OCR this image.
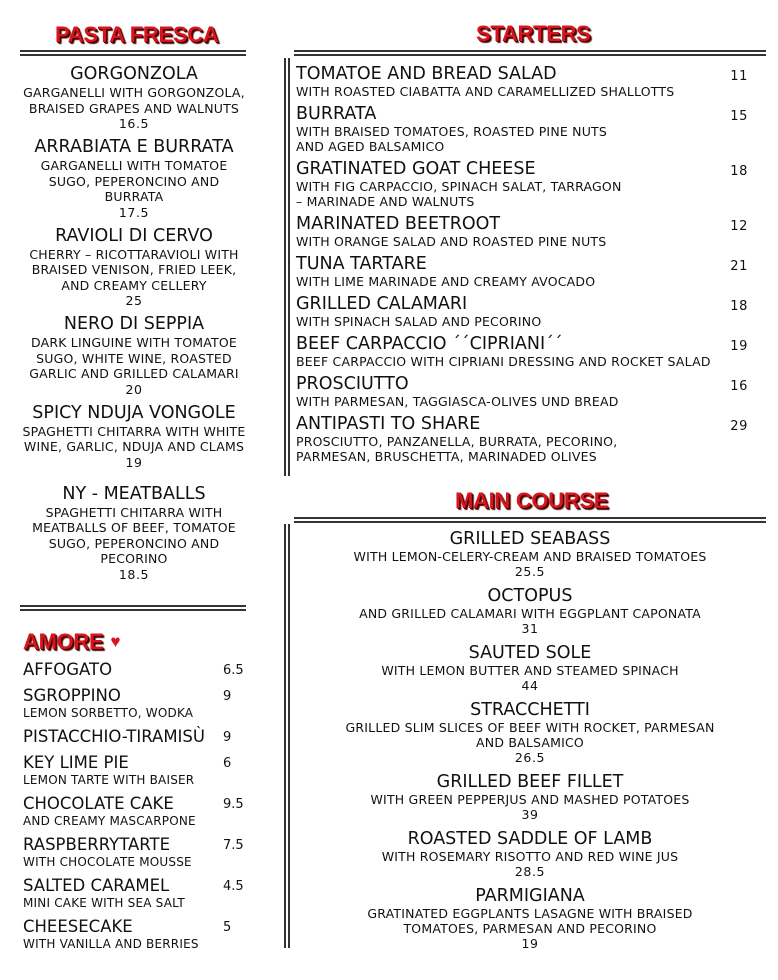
PASTA FRESCA	STARTERS
MAIN COURSE
AMORE ♥
GORGONZOLA
GARGANELLI WITH GORGONZOLA, BRAISED GRAPES AND WALNUTS
16.5
ARRABIATA E BURRATA
GARGANELLI WITH TOMATOE SUGO, PEPERONCINO AND BURRATA
17.5
RAVIOLI DI CERVO
CHERRY – RICOTTARAVIOLI WITH BRAISED VENISON, FRIED LEEK, AND CREAMY CELLERY
25
NERO DI SEPPIA
DARK LINGUINE WITH TOMATOE SUGO, WHITE WINE, ROASTED GARLIC AND GRILLED CALAMARI
20
SPICY NDUJA VONGOLE
SPAGHETTI CHITARRA WITH WHITE WINE, GARLIC, NDUJA AND CLAMS
19
NY - MEATBALLS
SPAGHETTI CHITARRA WITH MEATBALLS OF BEEF, TOMATOE SUGO, PEPERONCINO AND PECORINO
18.5
AFFOGATO	6.5
SGROPPINO
LEMON SORBETTO, WODKA
9
PISTACCHIO-TIRAMISÙ	9
KEY LIME PIE
LEMON TARTE WITH BAISER
6
CHOCOLATE CAKE
AND CREAMY MASCARPONE
9.5
RASPBERRYTARTE
WITH CHOCOLATE MOUSSE
7.5
SALTED CARAMEL
MINI CAKE WITH SEA SALT
4.5
CHEESECAKE
WITH VANILLA AND BERRIES
5
TOMATOE AND BREAD SALAD
WITH ROASTED CIABATTA AND CARAMELLIZED SHALLOTTS
11
BURRATA
WITH BRAISED TOMATOES, ROASTED PINE NUTS AND AGED BALSAMICO
15
GRATINATED GOAT CHEESE
WITH FIG CARPACCIO, SPINACH SALAT, TARRAGON – MARINADE AND WALNUTS
18
MARINATED BEETROOT
WITH ORANGE SALAD AND ROASTED PINE NUTS
12
TUNA TARTARE
WITH LIME MARINADE AND CREAMY AVOCADO
21
GRILLED CALAMARI
WITH SPINACH SALAD AND PECORINO
18
BEEF CARPACCIO ´´CIPRIANI´´
BEEF CARPACCIO WITH CIPRIANI DRESSING AND ROCKET SALAD
19
PROSCIUTTO
WITH PARMESAN, TAGGIASCA-OLIVES UND BREAD
16
ANTIPASTI TO SHARE
PROSCIUTTO, PANZANELLA, BURRATA, PECORINO, PARMESAN, BRUSCHETTA, MARINADED OLIVES
29
GRILLED SEABASS
WITH LEMON-CELERY-CREAM AND BRAISED TOMATOES
25.5
OCTOPUS
AND GRILLED CALAMARI WITH EGGPLANT CAPONATA
31
SAUTED SOLE
WITH LEMON BUTTER AND STEAMED SPINACH
44
STRACCHETTI
GRILLED SLIM SLICES OF BEEF WITH ROCKET, PARMESAN AND BALSAMICO
26.5
GRILLED BEEF FILLET
WITH GREEN PEPPERJUS AND MASHED POTATOES
39
ROASTED SADDLE OF LAMB
WITH ROSEMARY RISOTTO AND RED WINE JUS
28.5
PARMIGIANA
GRATINATED EGGPLANTS LASAGNE WITH BRAISED TOMATOES, PARMESAN AND PECORINO
19
